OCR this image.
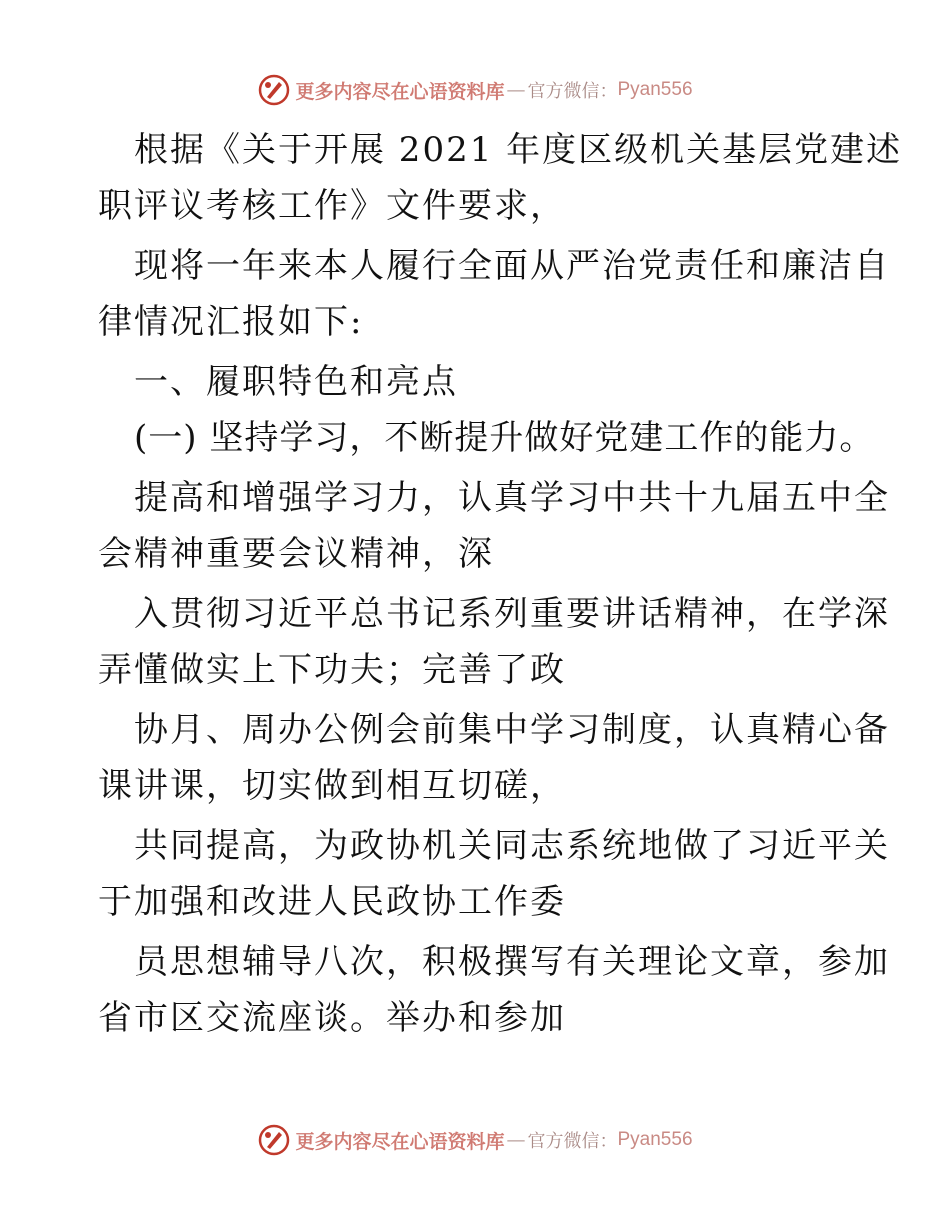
更多内容尽在心语资料库 — 官方微信： Pyan556
根据《关于开展 2021 年度区级机关基层党建述
职评议考核工作》文件要求，
现将一年来本人履行全面从严治党责任和廉洁自
律情况汇报如下:
一、履职特色和亮点
(一) 坚持学习，不断提升做好党建工作的能力。
提高和增强学习力，认真学习中共十九届五中全
会精神重要会议精神，深
入贯彻习近平总书记系列重要讲话精神，在学深
弄懂做实上下功夫；完善了政
协月、周办公例会前集中学习制度，认真精心备
课讲课，切实做到相互切磋，
共同提高，为政协机关同志系统地做了习近平关
于加强和改进人民政协工作委
员思想辅导八次，积极撰写有关理论文章，参加
省市区交流座谈。举办和参加
更多内容尽在心语资料库 — 官方微信： Pyan556
